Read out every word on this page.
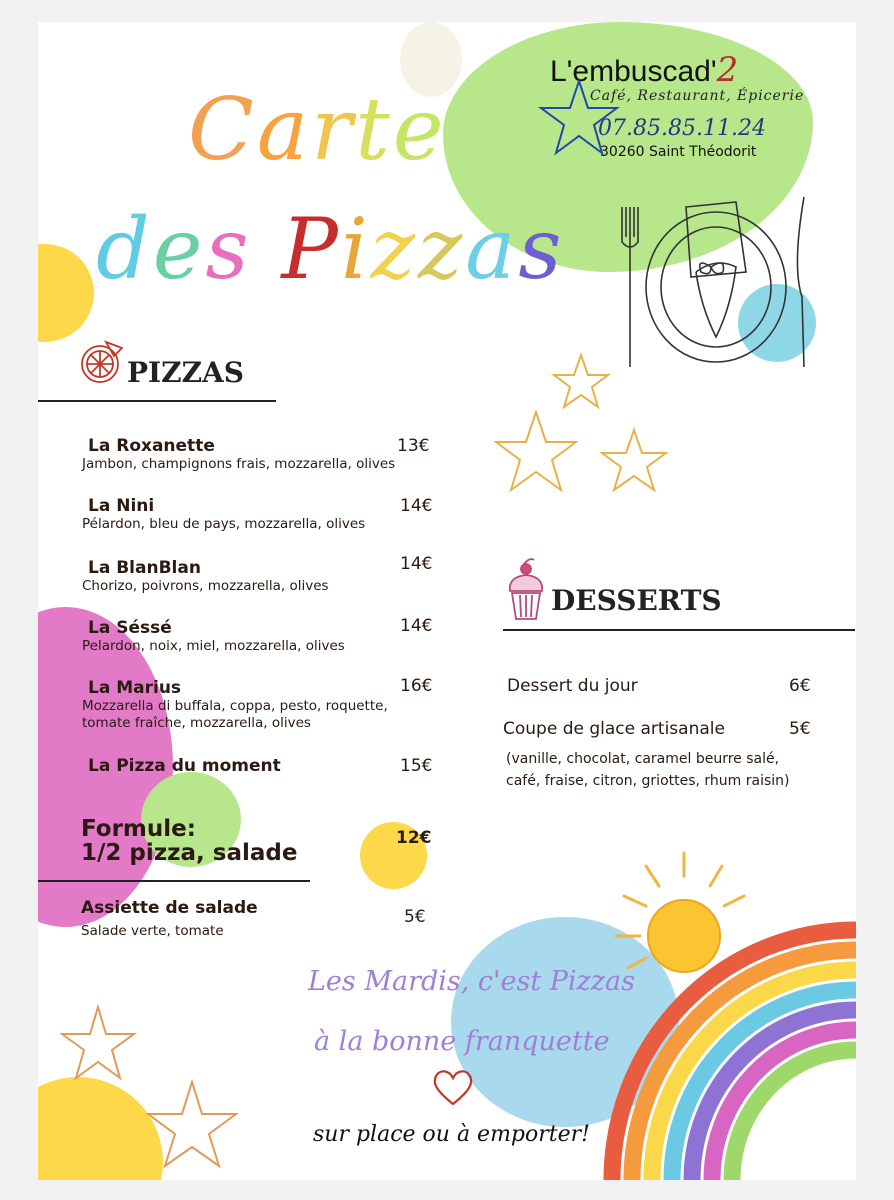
Carte
des Pizzas
L'embuscad'2
Café, Restaurant, Épicerie
07.85.85.11.24
30260 Saint Théodorit
PIZZAS
La Roxanette
Jambon, champignons frais, mozzarella, olives
13€
La Nini
Pélardon, bleu de pays, mozzarella, olives
14€
La BlanBlan
Chorizo, poivrons, mozzarella, olives
14€
La Séssé
Pelardon, noix, miel, mozzarella, olives
14€
La Marius
Mozzarella di buffala, coppa, pesto, roquette,
tomate fraîche, mozzarella, olives
16€
La Pizza du moment	15€
Formule:
1/2 pizza, salade
12€
Assiette de salade
Salade verte, tomate
5€
DESSERTS
Dessert du jour	6€
Coupe de glace artisanale	5€
(vanille, chocolat, caramel beurre salé,
café, fraise, citron, griottes, rhum raisin)
Les Mardis, c'est Pizzas
à la bonne franquette
sur place ou à emporter!
